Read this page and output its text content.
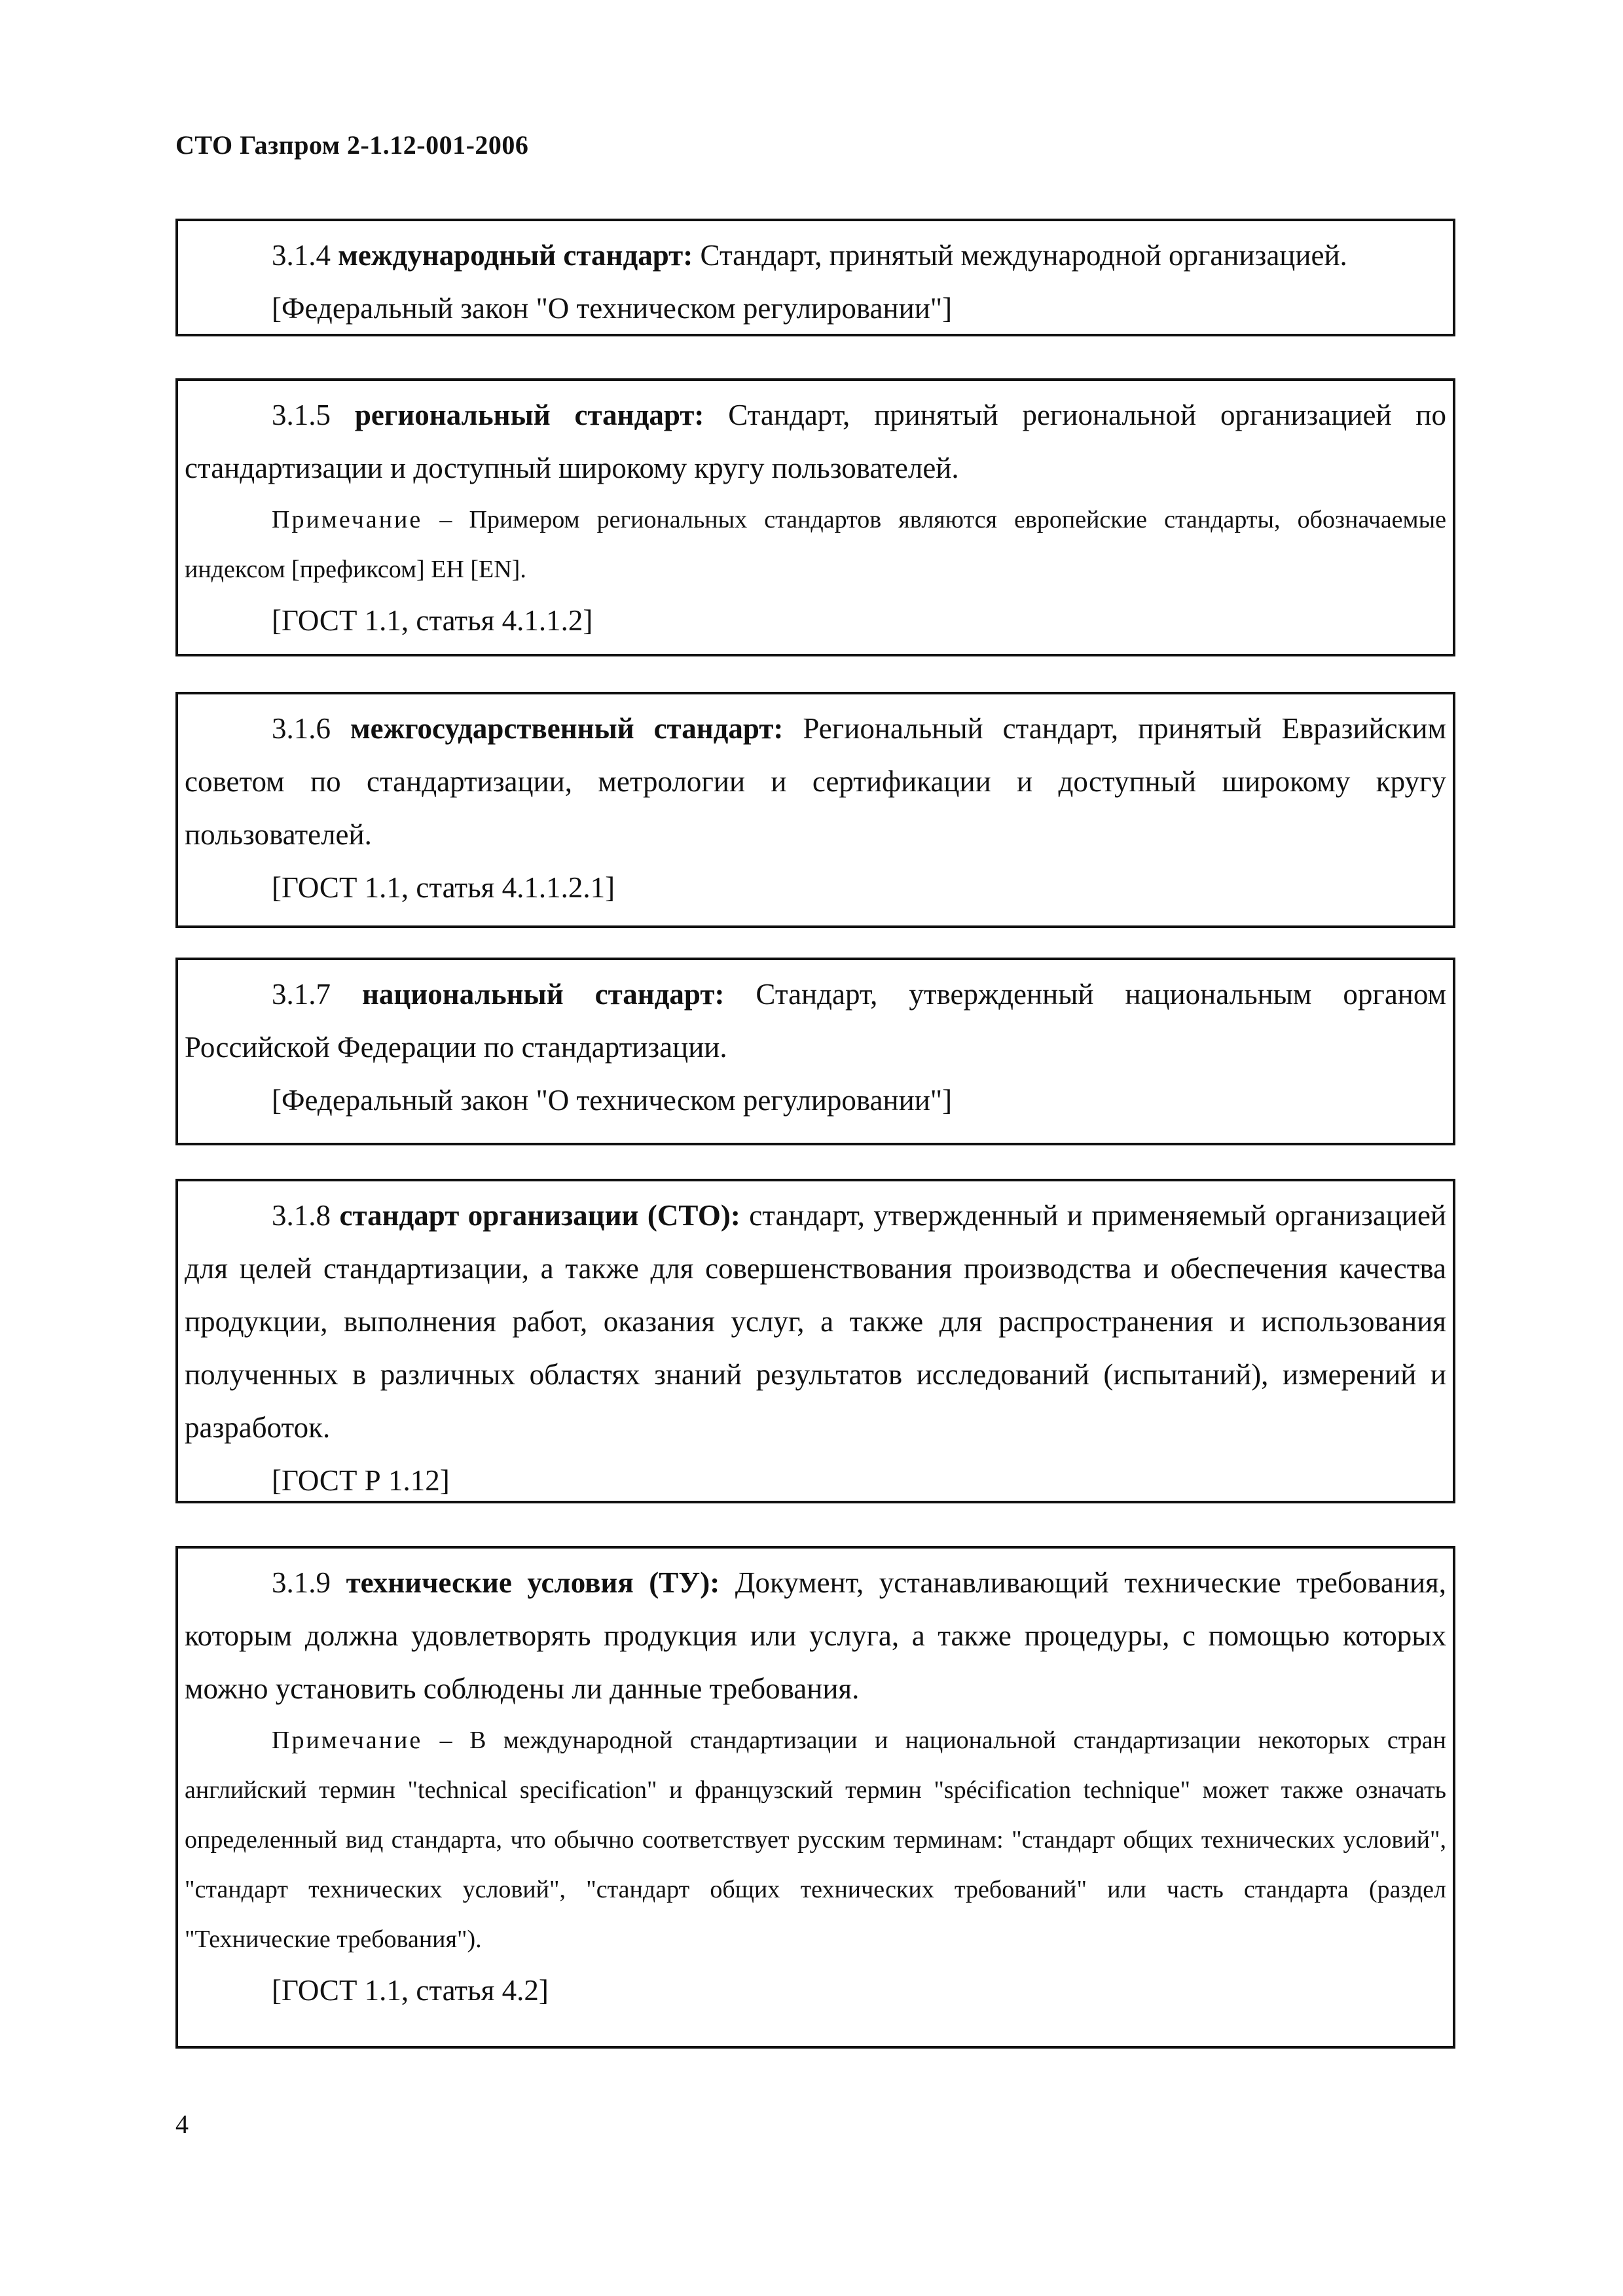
СТО Газпром 2-1.12-001-2006

3.1.4 международный стандарт: Стандарт, принятый международной организацией.

[Федеральный закон "О техническом регулировании"]

3.1.5 региональный стандарт: Стандарт, принятый региональной организацией по стандартизации и доступный широкому кругу пользователей.

Примечание – Примером региональных стандартов являются европейские стандарты, обозначаемые индексом [префиксом] ЕН [EN].

[ГОСТ 1.1, статья 4.1.1.2]

3.1.6 межгосударственный стандарт: Региональный стандарт, принятый Евразийским советом по стандартизации, метрологии и сертификации и доступный широкому кругу пользователей.

[ГОСТ 1.1, статья 4.1.1.2.1]

3.1.7 национальный стандарт: Стандарт, утвержденный национальным органом Российской Федерации по стандартизации.

[Федеральный закон "О техническом регулировании"]

3.1.8 стандарт организации (СТО): стандарт, утвержденный и применяемый организацией для целей стандартизации, а также для совершенствования производства и обеспечения качества продукции, выполнения работ, оказания услуг, а также для распространения и использования полученных в различных областях знаний результатов исследований (испытаний), измерений и разработок.

[ГОСТ Р 1.12]

3.1.9 технические условия (ТУ): Документ, устанавливающий технические требования, которым должна удовлетворять продукция или услуга, а также процедуры, с помощью которых можно установить соблюдены ли данные требования.

Примечание – В международной стандартизации и национальной стандартизации некоторых стран английский термин "technical specification" и французский термин "spécification technique" может также означать определенный вид стандарта, что обычно соответствует русским терминам: "стандарт общих технических условий", "стандарт технических условий", "стандарт общих технических требований" или часть стандарта (раздел "Технические требования").

[ГОСТ 1.1, статья 4.2]

4
